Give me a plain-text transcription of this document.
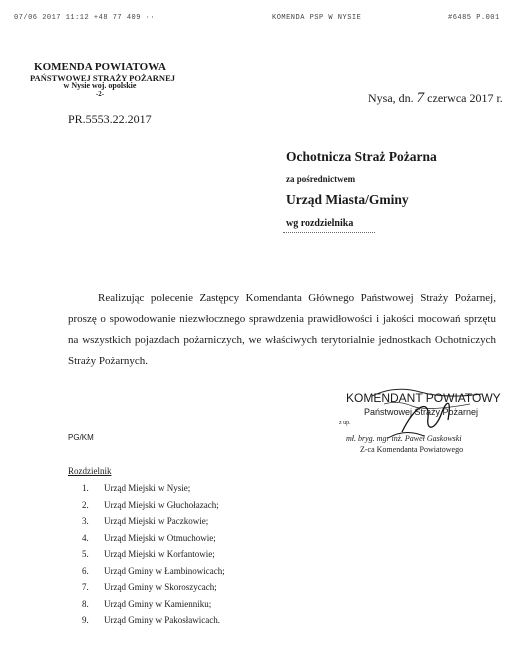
07/06 2017 11:12 +48 77 409 ··	KOMENDA PSP W NYSIE	#6485 P.001
KOMENDA POWIATOWA
PAŃSTWOWEJ STRAŻY POŻARNEJ
w Nysie woj. opolskie
-2-
PR.5553.22.2017
Nysa, dn. 7 czerwca 2017 r.
Ochotnicza Straż Pożarna
za pośrednictwem
Urząd Miasta/Gminy
wg rozdzielnika

Realizując polecenie Zastępcy Komendanta Głównego Państwowej Straży Pożarnej, proszę o spowodowanie niezwłocznego sprawdzenia prawidłowości i jakości mocowań sprzętu na wszystkich pojazdach pożarniczych, we właściwych terytorialnie jednostkach Ochotniczych Straży Pożarnych.

KOMENDANT POWIATOWY
Państwowej Straży Pożarnej
z up.
mł. bryg. mgr inż. Paweł Gaskowski
Z-ca Komendanta Powiatowego
PG/KM
Rozdzielnik
1.	Urząd Miejski w Nysie;
2.	Urząd Miejski w Głuchołazach;
3.	Urząd Miejski w Paczkowie;
4.	Urząd Miejski w Otmuchowie;
5.	Urząd Miejski w Korfantowie;
6.	Urząd Gminy w Łambinowicach;
7.	Urząd Gminy w Skoroszycach;
8.	Urząd Gminy w Kamienniku;
9.	Urząd Gminy w Pakosławicach.
